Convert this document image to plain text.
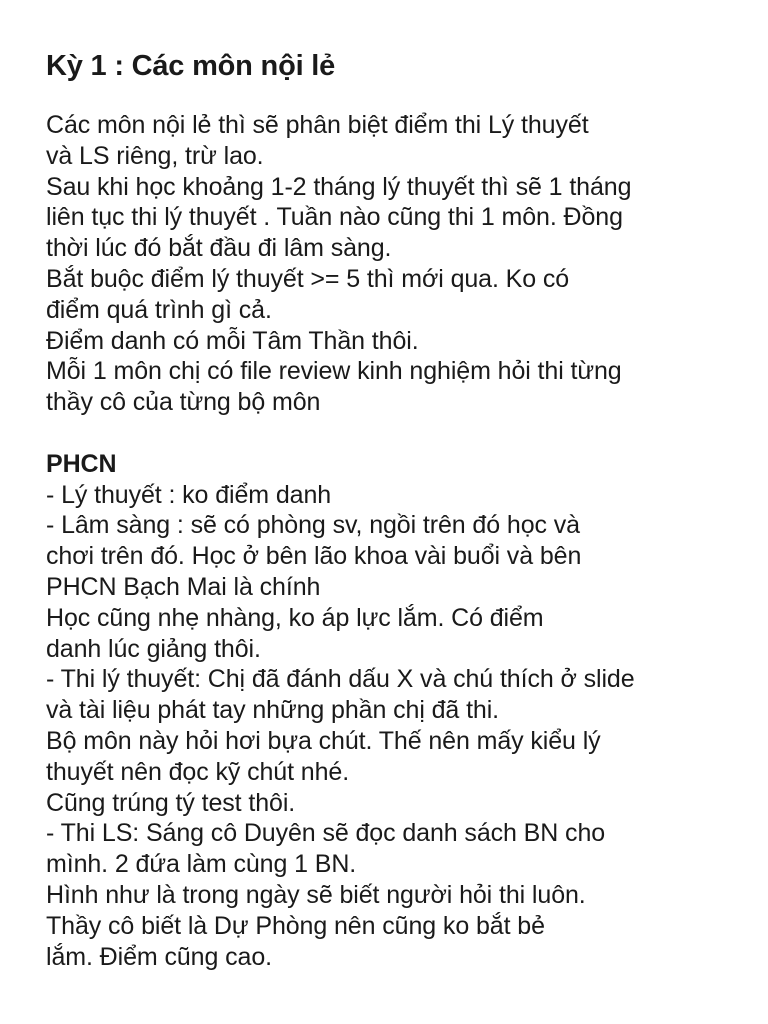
Kỳ 1 : Các môn nội lẻ
Các môn nội lẻ thì sẽ phân biệt điểm thi Lý thuyết
và LS riêng, trừ lao.
Sau khi học khoảng 1-2 tháng lý thuyết thì sẽ 1 tháng
liên tục thi lý thuyết . Tuần nào cũng thi 1 môn. Đồng
thời lúc đó bắt đầu đi lâm sàng.
Bắt buộc điểm lý thuyết >= 5 thì mới qua. Ko có
điểm quá trình gì cả.
Điểm danh có mỗi Tâm Thần thôi.
Mỗi 1 môn chị có file review kinh nghiệm hỏi thi từng
thầy cô của từng bộ môn
PHCN
- Lý thuyết : ko điểm danh
- Lâm sàng : sẽ có phòng sv, ngồi trên đó học và
chơi trên đó. Học ở bên lão khoa vài buổi và bên
PHCN Bạch Mai là chính
Học cũng nhẹ nhàng, ko áp lực lắm. Có điểm
danh lúc giảng thôi.
- Thi lý thuyết: Chị đã đánh dấu X và chú thích ở slide
và tài liệu phát tay những phần chị đã thi.
Bộ môn này hỏi hơi bựa chút. Thế nên mấy kiểu lý
thuyết nên đọc kỹ chút nhé.
Cũng trúng tý test thôi.
- Thi LS: Sáng cô Duyên sẽ đọc danh sách BN cho
mình. 2 đứa làm cùng 1 BN.
Hình như là trong ngày sẽ biết người hỏi thi luôn.
Thầy cô biết là Dự Phòng nên cũng ko bắt bẻ
lắm. Điểm cũng cao.
